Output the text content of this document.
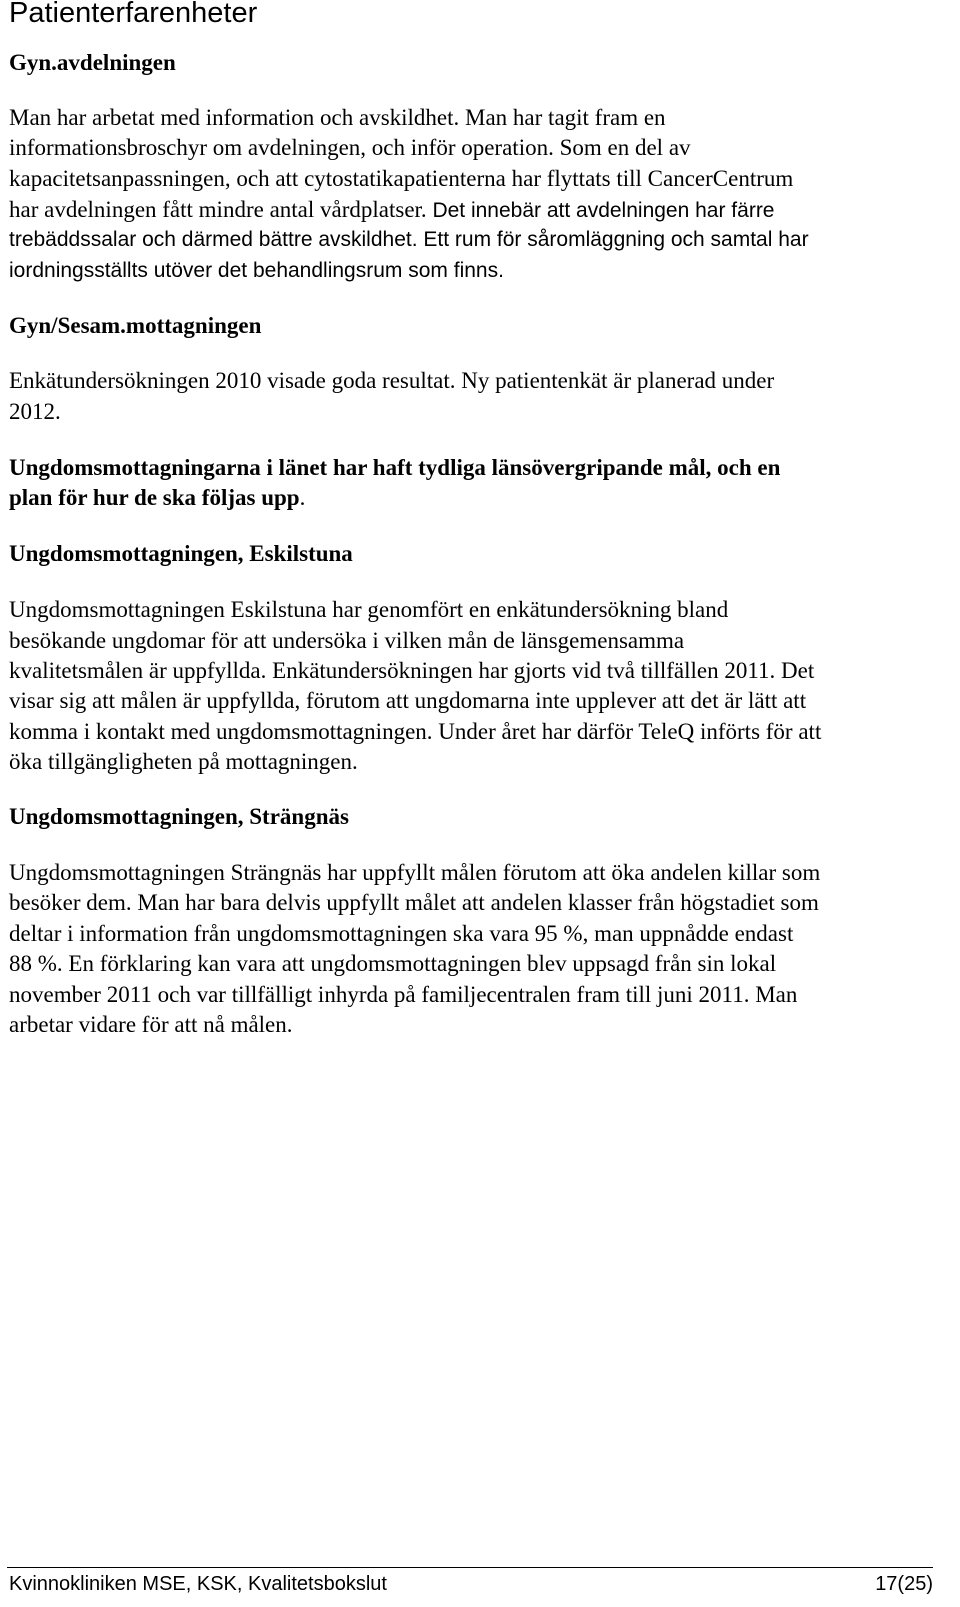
Patienterfarenheter
Gyn.avdelningen
Man har arbetat med information och avskildhet. Man har tagit fram en
informationsbroschyr om avdelningen, och inför operation. Som en del av
kapacitetsanpassningen, och att cytostatikapatienterna har flyttats till CancerCentrum
har avdelningen fått mindre antal vårdplatser. Det innebär att avdelningen har färre
trebäddssalar och därmed bättre avskildhet. Ett rum för såromläggning och samtal har
iordningsställts utöver det behandlingsrum som finns.
Gyn/Sesam.mottagningen
Enkätundersökningen 2010 visade goda resultat. Ny patientenkät är planerad under
2012.
Ungdomsmottagningarna i länet har haft tydliga länsövergripande mål, och en
plan för hur de ska följas upp.
Ungdomsmottagningen, Eskilstuna
Ungdomsmottagningen Eskilstuna har genomfört en enkätundersökning bland
besökande ungdomar för att undersöka i vilken mån de länsgemensamma
kvalitetsmålen är uppfyllda. Enkätundersökningen har gjorts vid två tillfällen 2011. Det
visar sig att målen är uppfyllda, förutom att ungdomarna inte upplever att det är lätt att
komma i kontakt med ungdomsmottagningen. Under året har därför TeleQ införts för att
öka tillgängligheten på mottagningen.
Ungdomsmottagningen, Strängnäs
Ungdomsmottagningen Strängnäs har uppfyllt målen förutom att öka andelen killar som
besöker dem. Man har bara delvis uppfyllt målet att andelen klasser från högstadiet som
deltar i information från ungdomsmottagningen ska vara 95 %, man uppnådde endast
88 %. En förklaring kan vara att ungdomsmottagningen blev uppsagd från sin lokal
november 2011 och var tillfälligt inhyrda på familjecentralen fram till juni 2011. Man
arbetar vidare för att nå målen.
Kvinnokliniken MSE, KSK, Kvalitetsbokslut	17(25)
